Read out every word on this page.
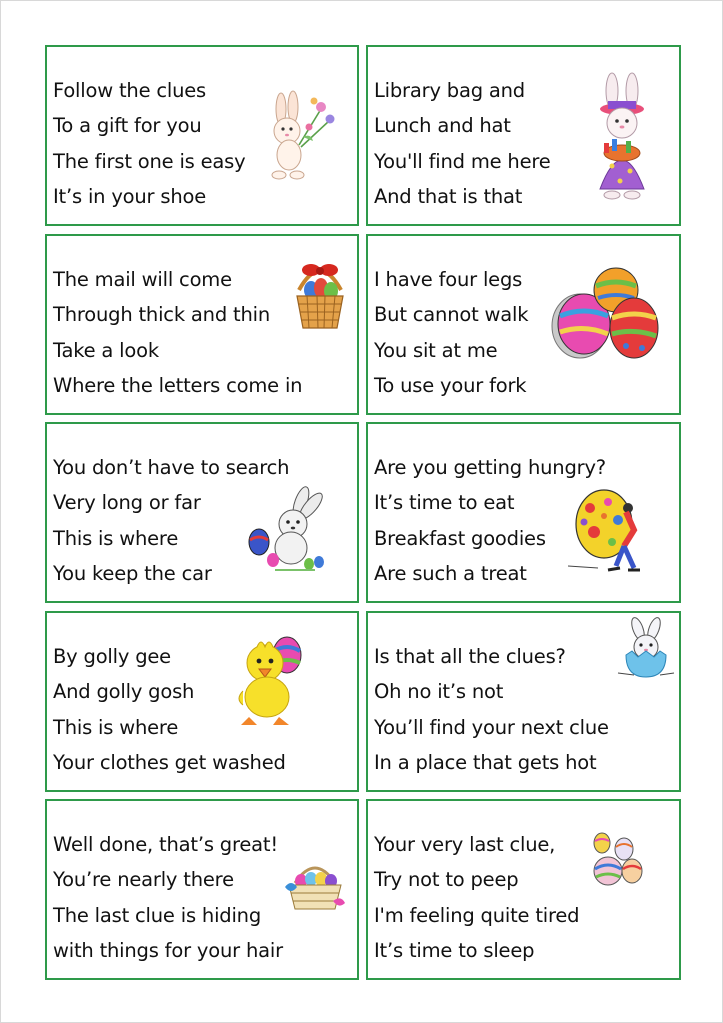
Follow the clues
To a gift for you
The first one is easy
It’s in your shoe
Library bag and
Lunch and hat
You'll find me here
And that is that
The mail will come
Through thick and thin
Take a look
Where the letters come in
I have four legs
But cannot walk
You sit at me
To use your fork
You don’t have to search
Very long or far
This is where
You keep the car
Are you getting hungry?
It’s time to eat
Breakfast goodies
Are such a treat
By golly gee
And golly gosh
This is where
Your clothes get washed
Is that all the clues?
Oh no it’s not
You’ll find your next clue
In a place that gets hot
Well done, that’s great!
You’re nearly there
The last clue is hiding
with things for your hair
Your very last clue,
Try not to peep
I'm feeling quite tired
It’s time to sleep
